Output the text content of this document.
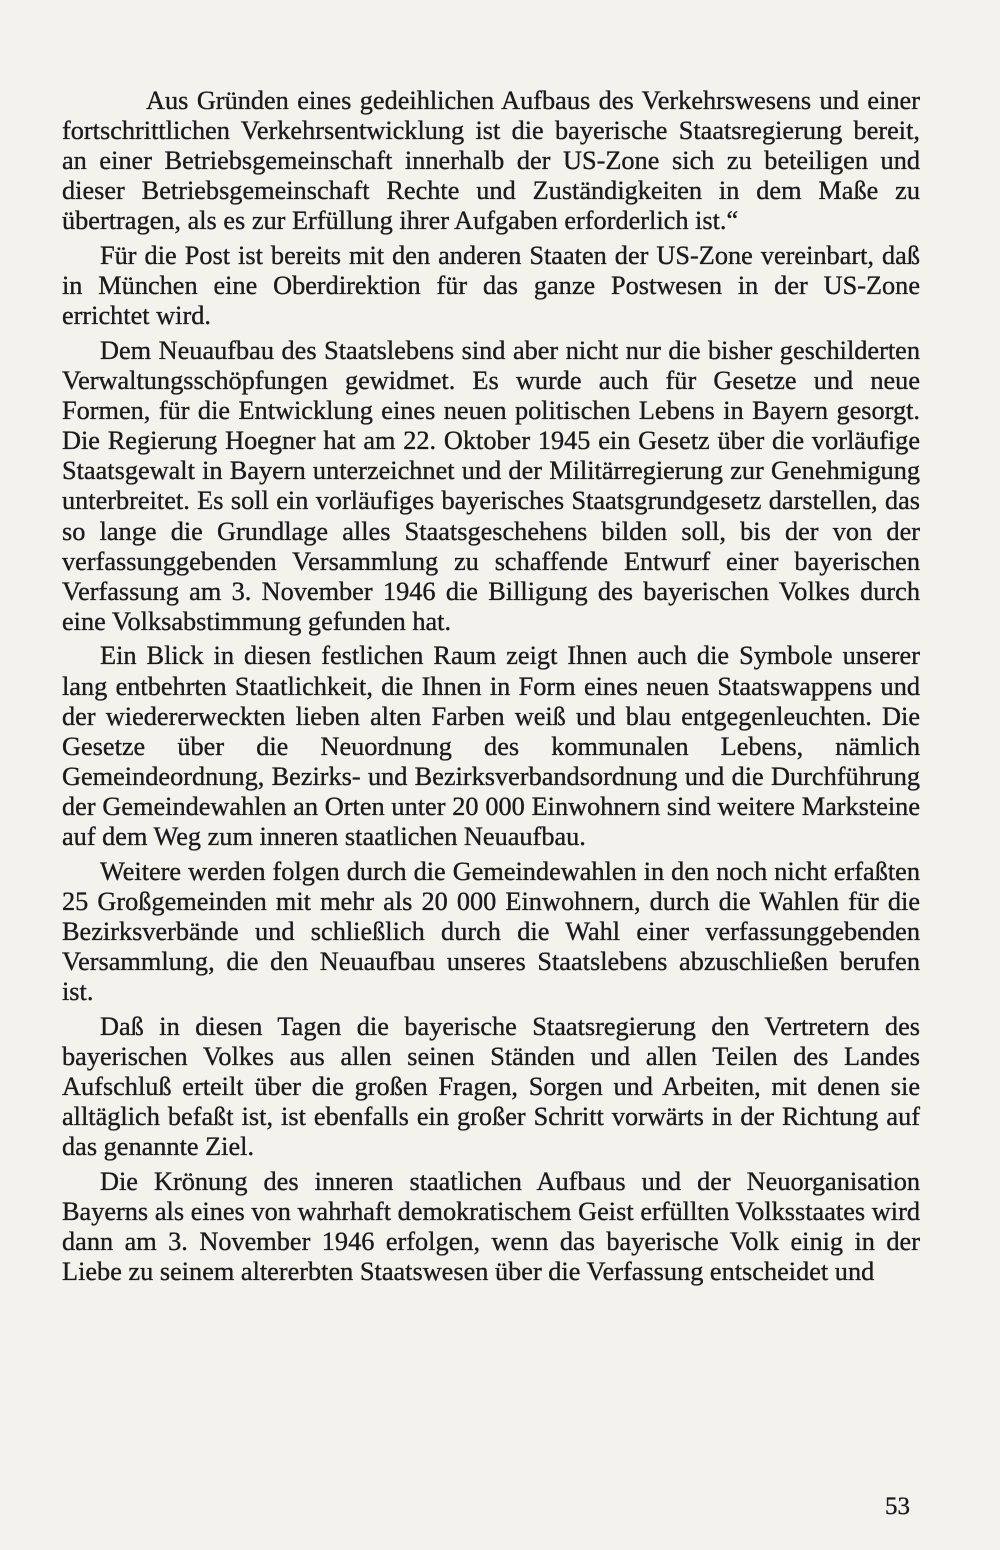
Aus Gründen eines gedeihlichen Aufbaus des Verkehrswesens und einer fortschrittlichen Verkehrsentwicklung ist die bayerische Staatsregierung bereit, an einer Betriebsgemeinschaft innerhalb der US-Zone sich zu beteiligen und dieser Betriebsgemeinschaft Rechte und Zuständigkeiten in dem Maße zu übertragen, als es zur Erfüllung ihrer Aufgaben erforderlich ist.“

Für die Post ist bereits mit den anderen Staaten der US-Zone vereinbart, daß in München eine Oberdirektion für das ganze Postwesen in der US-Zone errichtet wird.

Dem Neuaufbau des Staatslebens sind aber nicht nur die bisher geschilderten Verwaltungsschöpfungen gewidmet. Es wurde auch für Gesetze und neue Formen, für die Entwicklung eines neuen politischen Lebens in Bayern gesorgt. Die Regierung Hoegner hat am 22. Oktober 1945 ein Gesetz über die vorläufige Staatsgewalt in Bayern unterzeichnet und der Militärregierung zur Genehmigung unterbreitet. Es soll ein vorläufiges bayerisches Staatsgrundgesetz darstellen, das so lange die Grundlage alles Staatsgeschehens bilden soll, bis der von der verfassunggebenden Versammlung zu schaffende Entwurf einer bayerischen Verfassung am 3. November 1946 die Billigung des bayerischen Volkes durch eine Volksabstimmung gefunden hat.

Ein Blick in diesen festlichen Raum zeigt Ihnen auch die Symbole unserer lang entbehrten Staatlichkeit, die Ihnen in Form eines neuen Staatswappens und der wiedererweckten lieben alten Farben weiß und blau entgegenleuchten. Die Gesetze über die Neuordnung des kommunalen Lebens, nämlich Gemeindeordnung, Bezirks- und Bezirksverbandsordnung und die Durchführung der Gemeindewahlen an Orten unter 20 000 Einwohnern sind weitere Marksteine auf dem Weg zum inneren staatlichen Neuaufbau.

Weitere werden folgen durch die Gemeindewahlen in den noch nicht erfaßten 25 Großgemeinden mit mehr als 20 000 Einwohnern, durch die Wahlen für die Bezirksverbände und schließlich durch die Wahl einer verfassunggebenden Versammlung, die den Neuaufbau unseres Staatslebens abzuschließen berufen ist.

Daß in diesen Tagen die bayerische Staatsregierung den Vertretern des bayerischen Volkes aus allen seinen Ständen und allen Teilen des Landes Aufschluß erteilt über die großen Fragen, Sorgen und Arbeiten, mit denen sie alltäglich befaßt ist, ist ebenfalls ein großer Schritt vorwärts in der Richtung auf das genannte Ziel.

Die Krönung des inneren staatlichen Aufbaus und der Neuorganisation Bayerns als eines von wahrhaft demokratischem Geist erfüllten Volksstaates wird dann am 3. November 1946 erfolgen, wenn das bayerische Volk einig in der Liebe zu seinem altererbten Staatswesen über die Verfassung entscheidet und

53
